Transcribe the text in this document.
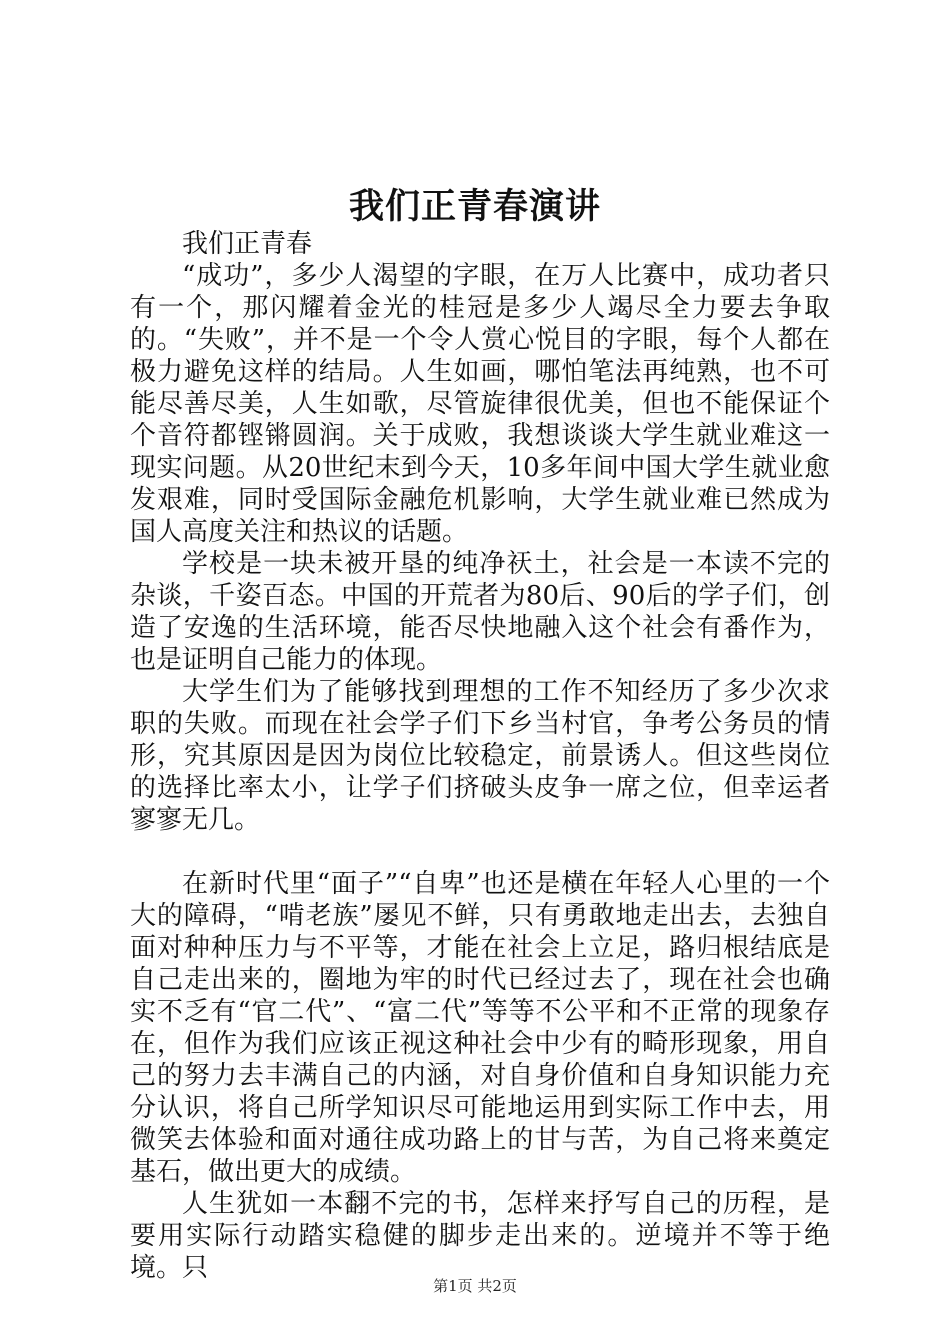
我们正青春演讲

我们正青春

“成功”，多少人渴望的字眼，在万人比赛中，成功者只有一个，那闪耀着金光的桂冠是多少人竭尽全力要去争取的。“失败”，并不是一个令人赏心悦目的字眼，每个人都在极力避免这样的结局。人生如画，哪怕笔法再纯熟，也不可能尽善尽美，人生如歌，尽管旋律很优美，但也不能保证个个音符都铿锵圆润。关于成败，我想谈谈大学生就业难这一现实问题。从20世纪末到今天，10多年间中国大学生就业愈发艰难，同时受国际金融危机影响，大学生就业难已然成为国人高度关注和热议的话题。

学校是一块未被开垦的纯净祆土，社会是一本读不完的杂谈，千姿百态。中国的开荒者为80后、90后的学子们，创造了安逸的生活环境，能否尽快地融入这个社会有番作为，也是证明自己能力的体现。

大学生们为了能够找到理想的工作不知经历了多少次求职的失败。而现在社会学子们下乡当村官，争考公务员的情形，究其原因是因为岗位比较稳定，前景诱人。但这些岗位的选择比率太小，让学子们挤破头皮争一席之位，但幸运者寥寥无几。

在新时代里“面子”“自卑”也还是横在年轻人心里的一个大的障碍，“啃老族”屡见不鲜，只有勇敢地走出去，去独自面对种种压力与不平等，才能在社会上立足，路归根结底是自己走出来的，圈地为牢的时代已经过去了，现在社会也确实不乏有“官二代”、“富二代”等等不公平和不正常的现象存在，但作为我们应该正视这种社会中少有的畸形现象，用自己的努力去丰满自己的内涵，对自身价值和自身知识能力充分认识，将自己所学知识尽可能地运用到实际工作中去，用微笑去体验和面对通往成功路上的甘与苦，为自己将来奠定基石，做出更大的成绩。

人生犹如一本翻不完的书，怎样来抒写自己的历程，是要用实际行动踏实稳健的脚步走出来的。逆境并不等于绝境。只

第1页 共2页
